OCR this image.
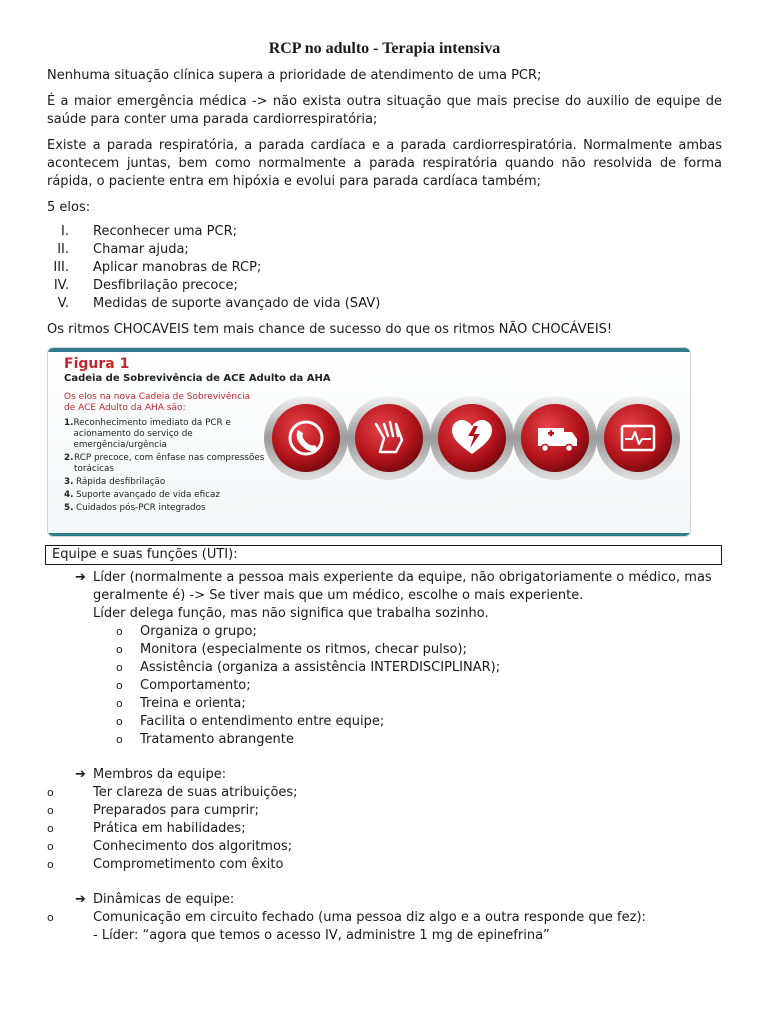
RCP no adulto - Terapia intensiva

Nenhuma situação clínica supera a prioridade de atendimento de uma PCR;

É a maior emergência médica -> não exista outra situação que mais precise do auxilio de equipe de saúde para conter uma parada cardiorrespiratória;

Existe a parada respiratória, a parada cardíaca e a parada cardiorrespiratória. Normalmente ambas acontecem juntas, bem como normalmente a parada respiratória quando não resolvida de forma rápida, o paciente entra em hipóxia e evolui para parada cardíaca também;

5 elos:

I. Reconhecer uma PCR;
II. Chamar ajuda;
III. Aplicar manobras de RCP;
IV. Desfibrilação precoce;
V. Medidas de suporte avançado de vida (SAV)

Os ritmos CHOCAVEIS tem mais chance de sucesso do que os ritmos NÃO CHOCÁVEIS!

Figura 1
Cadeia de Sobrevivência de ACE Adulto da AHA
Os elos na nova Cadeia de Sobrevivência de ACE Adulto da AHA são:
1. Reconhecimento imediato da PCR e acionamento do serviço de emergência/urgência
2. RCP precoce, com ênfase nas compressões torácicas
3. Rápida desfibrilação
4. Suporte avançado de vida eficaz
5. Cuidados pós-PCR integrados
Equipe e suas funções (UTI):
➔ Líder (normalmente a pessoa mais experiente da equipe, não obrigatoriamente o médico, mas geralmente é) -> Se tiver mais que um médico, escolhe o mais experiente.
Líder delega função, mas não significa que trabalha sozinho.
o	Organiza o grupo;
o	Monitora (especialmente os ritmos, checar pulso);
o	Assistência (organiza a assistência INTERDISCIPLINAR);
o	Comportamento;
o	Treina e orienta;
o	Facilita o entendimento entre equipe;
o	Tratamento abrangente
➔ Membros da equipe:
o	Ter clareza de suas atribuições;
o	Preparados para cumprir;
o	Prática em habilidades;
o	Conhecimento dos algoritmos;
o	Comprometimento com êxito
➔ Dinâmicas de equipe:
o	Comunicação em circuito fechado (uma pessoa diz algo e a outra responde que fez):
- Líder: “agora que temos o acesso IV, administre 1 mg de epinefrina”
